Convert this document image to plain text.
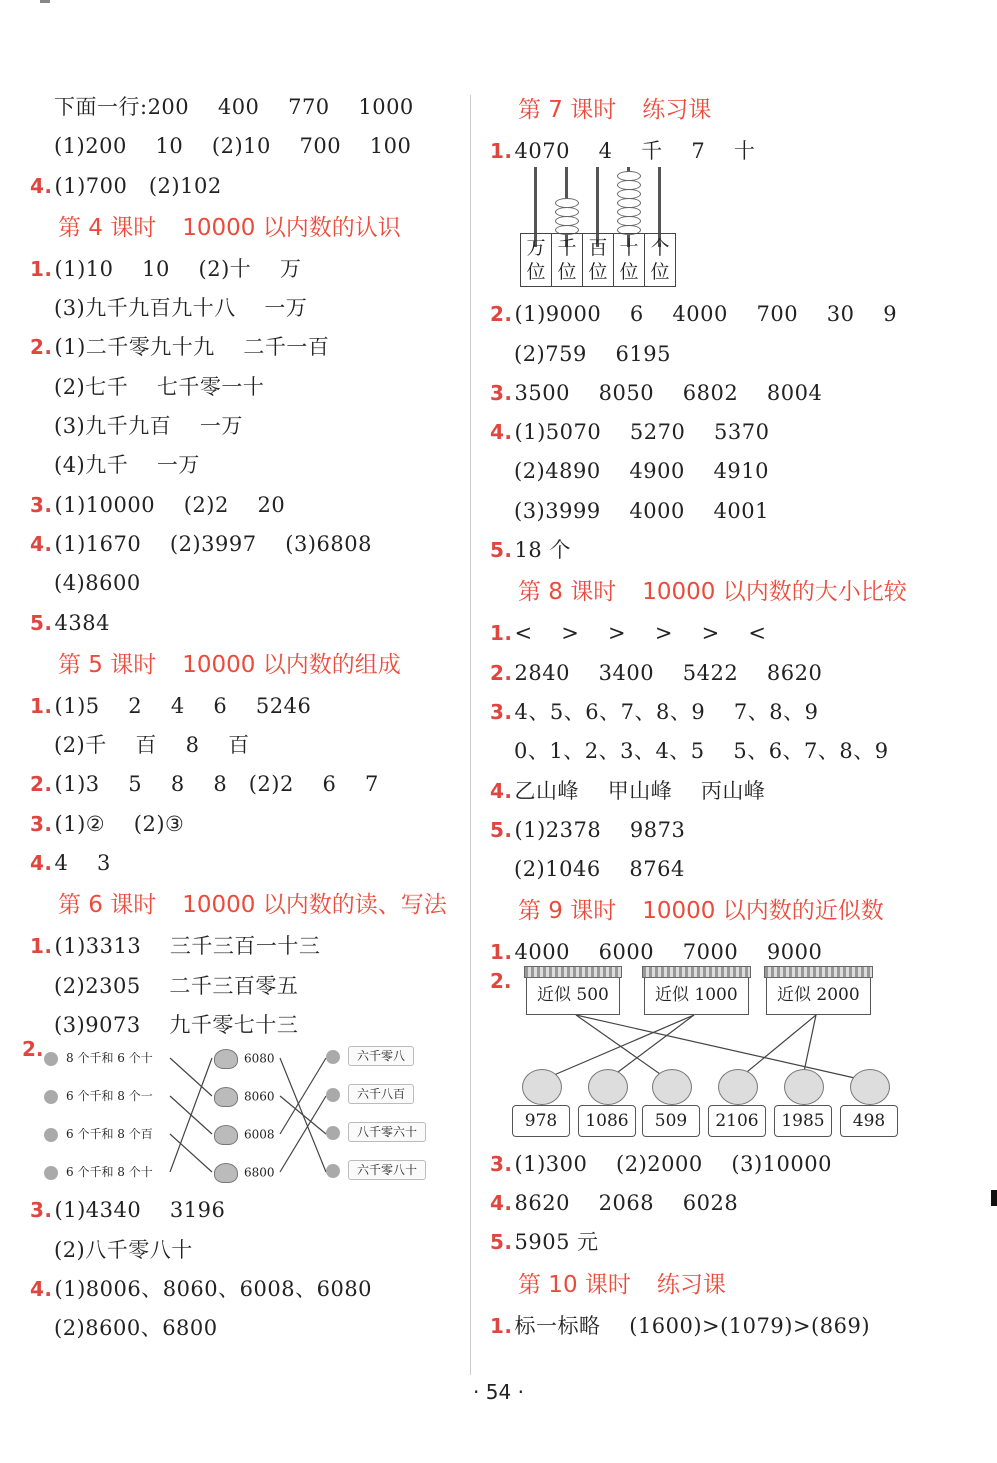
下面一行:200　 400　 770　 1000
(1)200　 10　 (2)10　 700　 100
4.(1)700　(2)102
第 4 课时 10000 以内数的认识
1.(1)10　 10　 (2)十　 万
(3)九千九百九十八　 一万
2.(1)二千零九十九　 二千一百
(2)七千　 七千零一十
(3)九千九百　 一万
(4)九千　 一万
3.(1)10000　 (2)2　 20
4.(1)1670　 (2)3997　 (3)6808
(4)8600
5.4384
第 5 课时 10000 以内数的组成
1.(1)5　 2　 4　 6　 5246
(2)千　 百　 8　 百
2.(1)3　 5　 8　 8　(2)2　 6　 7
3.(1)②　 (2)③
4.4　 3
第 6 课时 10000 以内数的读、写法
1.(1)3313　 三千三百一十三
(2)2305　 二千三百零五
(3)9073　 九千零七十三
2.	8 个千和 6 个十
6 个千和 8 个一
6 个千和 8 个百
6 个千和 8 个十
6080
8060
6008
6800
六千零八
六千八百
八千零六十
六千零八十
3.(1)4340　 3196
(2)八千零八十
4.(1)8006、8060、6008、6080
(2)8600、6800
第 7 课时 练习课
1.4070　 4　 千　 7　 十
万位
千位
百位
十位
个位
2.(1)9000　 6　 4000　 700　 30　 9
(2)759　 6195
3.3500　 8050　 6802　 8004
4.(1)5070　 5270　 5370
(2)4890　 4900　 4910
(3)3999　 4000　 4001
5.18 个
第 8 课时 10000 以内数的大小比较
1.<　 >　 >　 >　 >　 <
2.2840　 3400　 5422　 8620
3.4、5、6、7、8、9　 7、8、9
0、1、2、3、4、5　 5、6、7、8、9
4.乙山峰　 甲山峰　 丙山峰
5.(1)2378　 9873
(2)1046　 8764
第 9 课时 10000 以内数的近似数
1.4000　 6000　 7000　 9000
2.
近似 500	近似 1000	近似 2000
978	1086	509	2106	1985	498
3.(1)300　 (2)2000　 (3)10000
4.8620　 2068　 6028
5.5905 元
第 10 课时 练习课
1.标一标略　 (1600)>(1079)>(869)
· 54 ·
